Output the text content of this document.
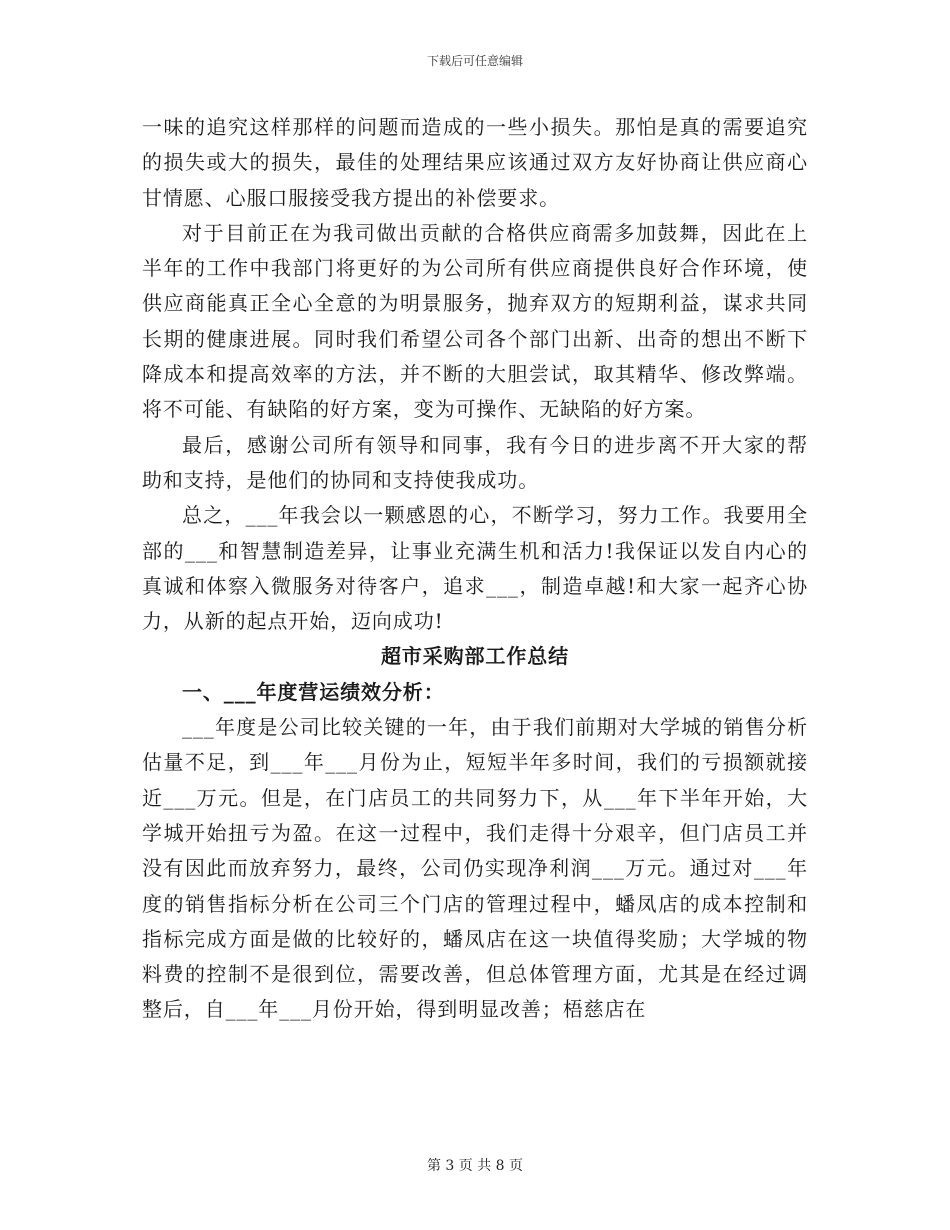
下载后可任意编辑

一味的追究这样那样的问题而造成的一些小损失。那怕是真的需要追究的损失或大的损失，最佳的处理结果应该通过双方友好协商让供应商心甘情愿、心服口服接受我方提出的补偿要求。

对于目前正在为我司做出贡献的合格供应商需多加鼓舞，因此在上半年的工作中我部门将更好的为公司所有供应商提供良好合作环境，使供应商能真正全心全意的为明景服务，抛弃双方的短期利益，谋求共同长期的健康进展。同时我们希望公司各个部门出新、出奇的想出不断下降成本和提高效率的方法，并不断的大胆尝试，取其精华、修改弊端。将不可能、有缺陷的好方案，变为可操作、无缺陷的好方案。

最后，感谢公司所有领导和同事，我有今日的进步离不开大家的帮助和支持，是他们的协同和支持使我成功。

总之，___年我会以一颗感恩的心，不断学习，努力工作。我要用全部的___和智慧制造差异，让事业充满生机和活力!我保证以发自内心的真诚和体察入微服务对待客户，追求___，制造卓越!和大家一起齐心协力，从新的起点开始，迈向成功!

超市采购部工作总结

一、___年度营运绩效分析：

___年度是公司比较关键的一年，由于我们前期对大学城的销售分析估量不足，到___年___月份为止，短短半年多时间，我们的亏损额就接近___万元。但是，在门店员工的共同努力下，从___年下半年开始，大学城开始扭亏为盈。在这一过程中，我们走得十分艰辛，但门店员工并没有因此而放弃努力，最终，公司仍实现净利润___万元。通过对___年度的销售指标分析在公司三个门店的管理过程中，蟠凤店的成本控制和指标完成方面是做的比较好的，蟠凤店在这一块值得奖励；大学城的物料费的控制不是很到位，需要改善，但总体管理方面，尤其是在经过调整后，自___年___月份开始，得到明显改善；梧慈店在

第 3 页 共 8 页
